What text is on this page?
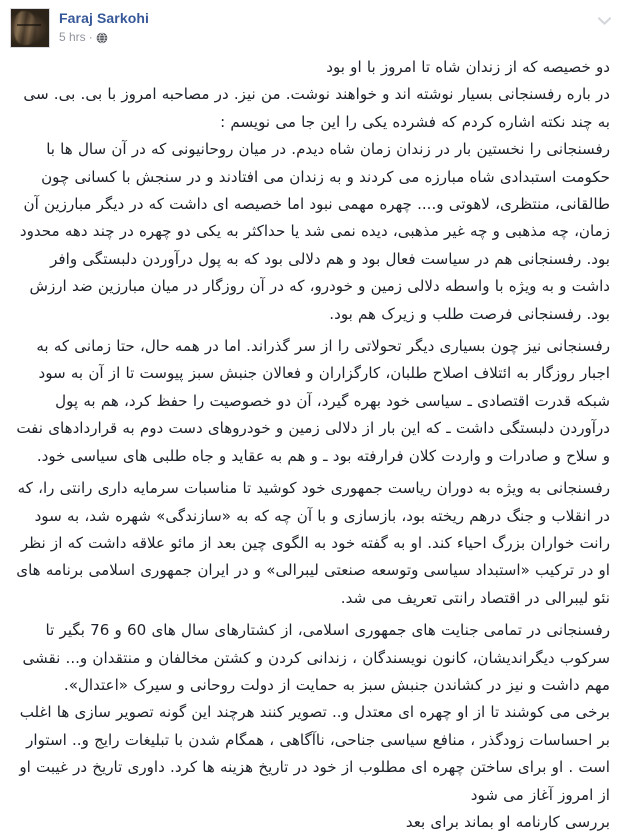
Faraj Sarkohi
5 hrs ·

دو خصیصه که از زندان شاه تا امروز با او بود

در باره رفسنجانی بسیار نوشته اند و خواهند نوشت. من نیز. در مصاحبه امروز با بی. بی. سی به چند نکته اشاره کردم که فشرده یکی را این جا می نویسم :

رفسنجانی را نخستین بار در زندان زمان شاه دیدم. در میان روحانیونی که در آن سال ها با حکومت استبدادی شاه مبارزه می کردند و به زندان می افتادند و در سنجش با کسانی چون طالقانی، منتظری، لاهوتی و.... چهره مهمی نبود اما خصیصه ای داشت که در دیگر مبارزین آن زمان، چه مذهبی و چه غیر مذهبی، دیده نمی شد یا حداکثر به یکی دو چهره در چند دهه محدود بود. رفسنجانی هم در سیاست فعال بود و هم دلالی بود که به پول درآوردن دلبستگی وافر داشت و به ویژه با واسطه دلالی زمین و خودرو، که در آن روزگار در میان مبارزین ضد ارزش بود. رفسنجانی فرصت طلب و زیرک هم بود.

رفسنجانی نیز چون بسیاری دیگر تحولاتی را از سر گذراند. اما در همه حال، حتا زمانی که به اجبار روزگار به ائتلاف اصلاح طلبان، کارگزاران و فعالان جنبش سبز پیوست تا از آن به سود شبکه قدرت اقتصادی ـ سیاسی خود بهره گیرد، آن دو خصوصیت را حفظ کرد، هم به پول درآوردن دلبستگی داشت ـ که این بار از دلالی زمین و خودروهای دست دوم به قراردادهای نفت و سلاح و صادرات و واردت کلان فرارفته بود ـ و هم به عقاید و جاه طلبی های سیاسی خود.

رفسنجانی به ویژه به دوران ریاست جمهوری خود کوشید تا مناسبات سرمایه داری رانتی را، که در انقلاب و جنگ درهم ریخته بود، بازسازی و با آن چه که به «سازندگی» شهره شد، به سود رانت خواران بزرگ احیاء کند. او به گفته خود به الگوی چین بعد از مائو علاقه داشت که از نظر او در ترکیب «استبداد سیاسی وتوسعه صنعتی لیبرالی» و در ایران جمهوری اسلامی برنامه های نئو لیبرالی در اقتصاد رانتی تعریف می شد.

رفسنجانی در تمامی جنایت های جمهوری اسلامی، از کشتارهای سال های 60 و 76 بگیر تا سرکوب دیگراندیشان، کانون نویسندگان ، زندانی کردن و کشتن مخالفان و منتقدان و... نقشی مهم داشت و نیز در کشاندن جنبش سبز به حمایت از دولت روحانی و سیرک «اعتدال».

برخی می کوشند تا از او چهره ای معتدل و.. تصویر کنند هرچند این گونه تصویر سازی ها اغلب بر احساسات زودگذر ، منافع سیاسی جناحی، ناآگاهی ، همگام شدن با تبلیغات رایج و.. استوار است . او برای ساختن چهره ای مطلوب از خود در تاریخ هزینه ها کرد. داوری تاریخ در غیبت او از امروز آغاز می شود

بررسی کارنامه او بماند برای بعد
